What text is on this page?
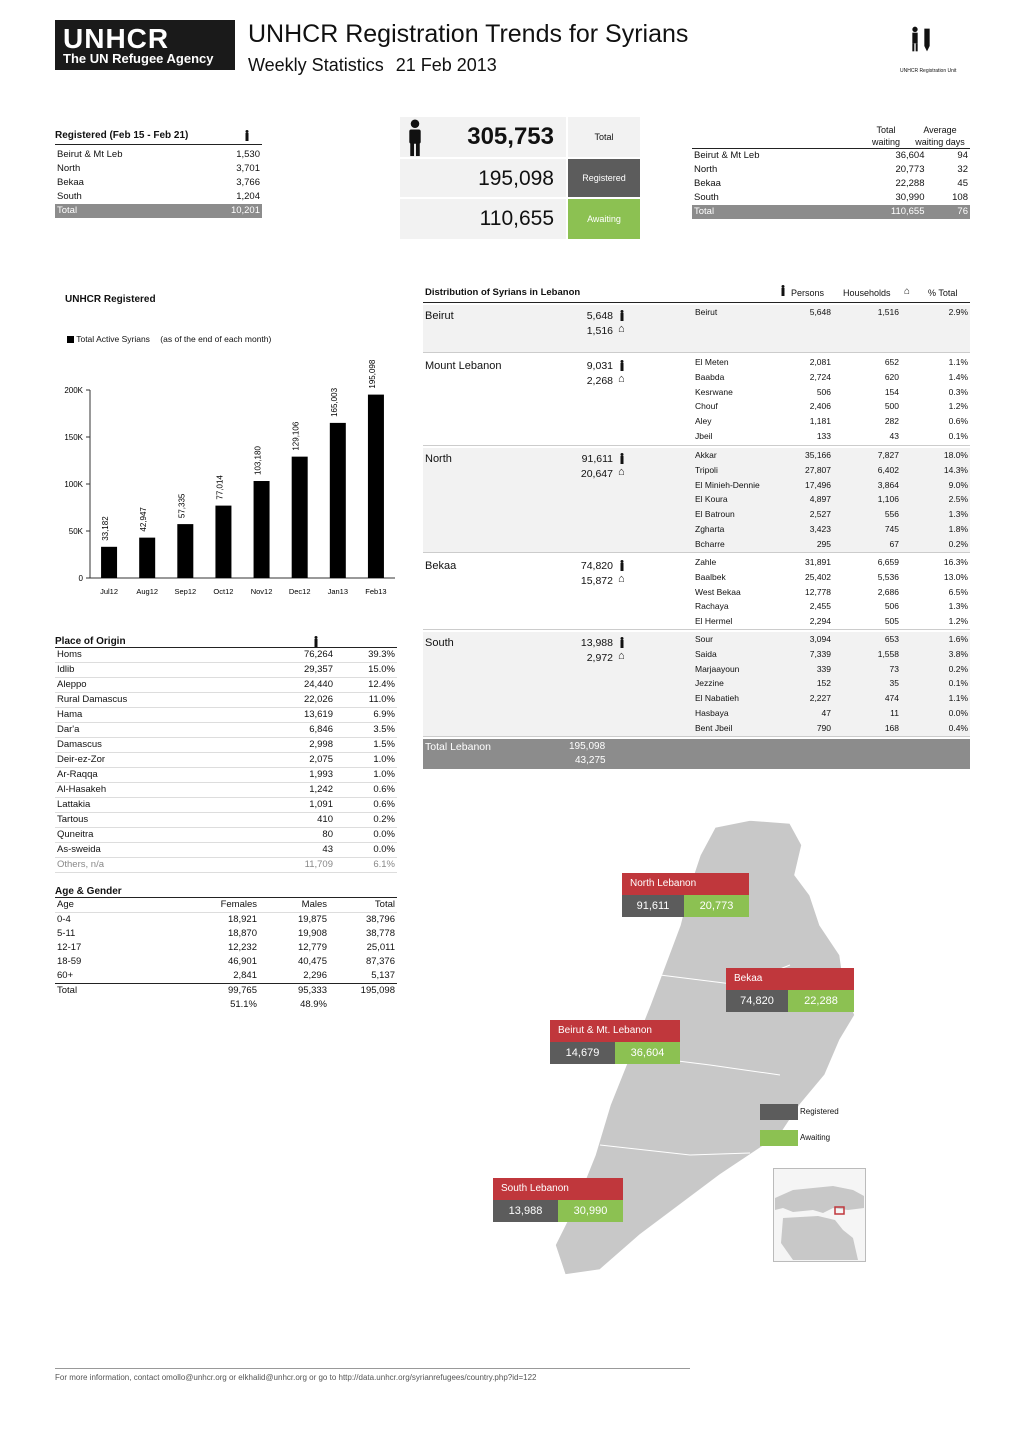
UNHCR
The UN Refugee Agency
UNHCR Registration Trends for Syrians
Weekly Statistics 21 Feb 2013	UNHCR Registration Unit
Registered (Feb 15 - Feb 21)
Beirut & Mt Leb	1,530
North	3,701
Bekaa	3,766
South	1,204
Total	10,201
305,753	Total
195,098	Registered
110,655	Awaiting
Total waiting
Average waiting days
Beirut & Mt Leb	36,604	94
North	20,773	32
Bekaa	22,288	45
South	30,990	108
Total	110,655	76
UNHCR Registered
Total Active Syrians (as of the end of each month)
0
50K
100K
150K
200K
33,182
Jul12
42,947
Aug12
57,335
Sep12
77,014
Oct12
103,180
Nov12
129,106
Dec12
165,003
Jan13
195,098
Feb13
Place of Origin
Homs	76,264	39.3%
Idlib	29,357	15.0%
Aleppo	24,440	12.4%
Rural Damascus	22,026	11.0%
Hama	13,619	6.9%
Dar'a	6,846	3.5%
Damascus	2,998	1.5%
Deir-ez-Zor	2,075	1.0%
Ar-Raqqa	1,993	1.0%
Al-Hasakeh	1,242	0.6%
Lattakia	1,091	0.6%
Tartous	410	0.2%
Quneitra	80	0.0%
As-sweida	43	0.0%
Others, n/a	11,709	6.1%
Age & Gender
Age	Females	Males	Total
0-4	18,921	19,875	38,796
5-11	18,870	19,908	38,778
12-17	12,232	12,779	25,011
18-59	46,901	40,475	87,376
60+	2,841	2,296	5,137
Total	99,765	95,333	195,098
	51.1%	48.9%	
Distribution of Syrians in Lebanon	Persons Households ⌂ % Total
Beirut	5,648
1,516 ⌂
Beirut	5,648	1,516	2.9%
Mount Lebanon	9,031
2,268 ⌂
El Meten	2,081	652	1.1%
Baabda	2,724	620	1.4%
Kesrwane	506	154	0.3%
Chouf	2,406	500	1.2%
Aley	1,181	282	0.6%
Jbeil	133	43	0.1%
North	91,611
20,647 ⌂
Akkar	35,166	7,827	18.0%
Tripoli	27,807	6,402	14.3%
El Minieh-Dennie	17,496	3,864	9.0%
El Koura	4,897	1,106	2.5%
El Batroun	2,527	556	1.3%
Zgharta	3,423	745	1.8%
Bcharre	295	67	0.2%
Bekaa	74,820
15,872 ⌂
Zahle	31,891	6,659	16.3%
Baalbek	25,402	5,536	13.0%
West Bekaa	12,778	2,686	6.5%
Rachaya	2,455	506	1.3%
El Hermel	2,294	505	1.2%
South	13,988
2,972 ⌂
Sour	3,094	653	1.6%
Saida	7,339	1,558	3.8%
Marjaayoun	339	73	0.2%
Jezzine	152	35	0.1%
El Nabatieh	2,227	474	1.1%
Hasbaya	47	11	0.0%
Bent Jbeil	790	168	0.4%
Total Lebanon	195,098
43,275
North Lebanon
91,611	20,773
Bekaa
74,820	22,288
Beirut & Mt. Lebanon
14,679	36,604
South Lebanon
13,988	30,990
Registered
Awaiting
For more information, contact omollo@unhcr.org or elkhalid@unhcr.org or go to http://data.unhcr.org/syrianrefugees/country.php?id=122
